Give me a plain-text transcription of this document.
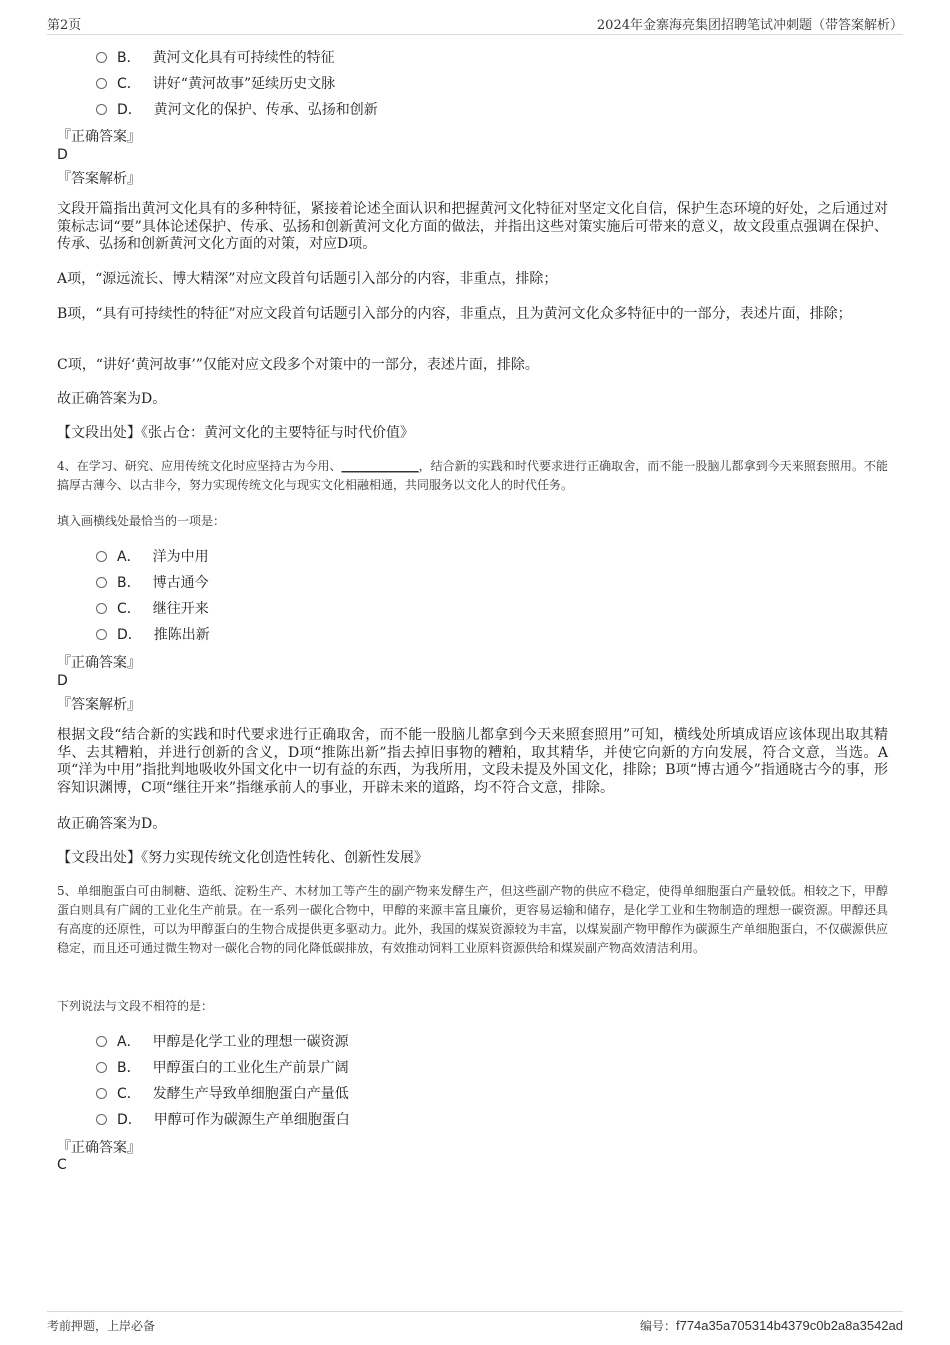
第2页	2024年金寨海亮集团招聘笔试冲刺题（带答案解析）
B． 黄河文化具有可持续性的特征
C． 讲好“黄河故事”延续历史文脉
D． 黄河文化的保护、传承、弘扬和创新
『正确答案』
D
『答案解析』
文段开篇指出黄河文化具有的多种特征，紧接着论述全面认识和把握黄河文化特征对坚定文化自信，保护生态环境的好处，之后通过对策标志词“要”具体论述保护、传承、弘扬和创新黄河文化方面的做法，并指出这些对策实施后可带来的意义，故文段重点强调在保护、传承、弘扬和创新黄河文化方面的对策，对应D项。
A项，“源远流长、博大精深”对应文段首句话题引入部分的内容，非重点，排除；
B项，“具有可持续性的特征”对应文段首句话题引入部分的内容，非重点，且为黄河文化众多特征中的一部分，表述片面，排除；
C项，“讲好‘黄河故事’”仅能对应文段多个对策中的一部分，表述片面，排除。
故正确答案为D。
【文段出处】《张占仓：黄河文化的主要特征与时代价值》
4、在学习、研究、应用传统文化时应坚持古为今用、______________，结合新的实践和时代要求进行正确取舍，而不能一股脑儿都拿到今天来照套照用。不能搞厚古薄今、以古非今，努力实现传统文化与现实文化相融相通，共同服务以文化人的时代任务。
填入画横线处最恰当的一项是：
A． 洋为中用
B． 博古通今
C． 继往开来
D． 推陈出新
『正确答案』
D
『答案解析』
根据文段“结合新的实践和时代要求进行正确取舍，而不能一股脑儿都拿到今天来照套照用”可知，横线处所填成语应该体现出取其精华、去其糟粕，并进行创新的含义，D项“推陈出新”指去掉旧事物的糟粕，取其精华，并使它向新的方向发展，符合文意，当选。A项“洋为中用”指批判地吸收外国文化中一切有益的东西，为我所用，文段未提及外国文化，排除；B项“博古通今”指通晓古今的事，形容知识渊博，C项“继往开来”指继承前人的事业，开辟未来的道路，均不符合文意，排除。
故正确答案为D。
【文段出处】《努力实现传统文化创造性转化、创新性发展》
5、单细胞蛋白可由制糖、造纸、淀粉生产、木材加工等产生的副产物来发酵生产，但这些副产物的供应不稳定，使得单细胞蛋白产量较低。相较之下，甲醇蛋白则具有广阔的工业化生产前景。在一系列一碳化合物中，甲醇的来源丰富且廉价，更容易运输和储存，是化学工业和生物制造的理想一碳资源。甲醇还具有高度的还原性，可以为甲醇蛋白的生物合成提供更多驱动力。此外，我国的煤炭资源较为丰富，以煤炭副产物甲醇作为碳源生产单细胞蛋白，不仅碳源供应稳定，而且还可通过微生物对一碳化合物的同化降低碳排放，有效推动饲料工业原料资源供给和煤炭副产物高效清洁利用。
下列说法与文段不相符的是：
A． 甲醇是化学工业的理想一碳资源
B． 甲醇蛋白的工业化生产前景广阔
C． 发酵生产导致单细胞蛋白产量低
D． 甲醇可作为碳源生产单细胞蛋白
『正确答案』
C
考前押题，上岸必备	编号：f774a35a705314b4379c0b2a8a3542ad
